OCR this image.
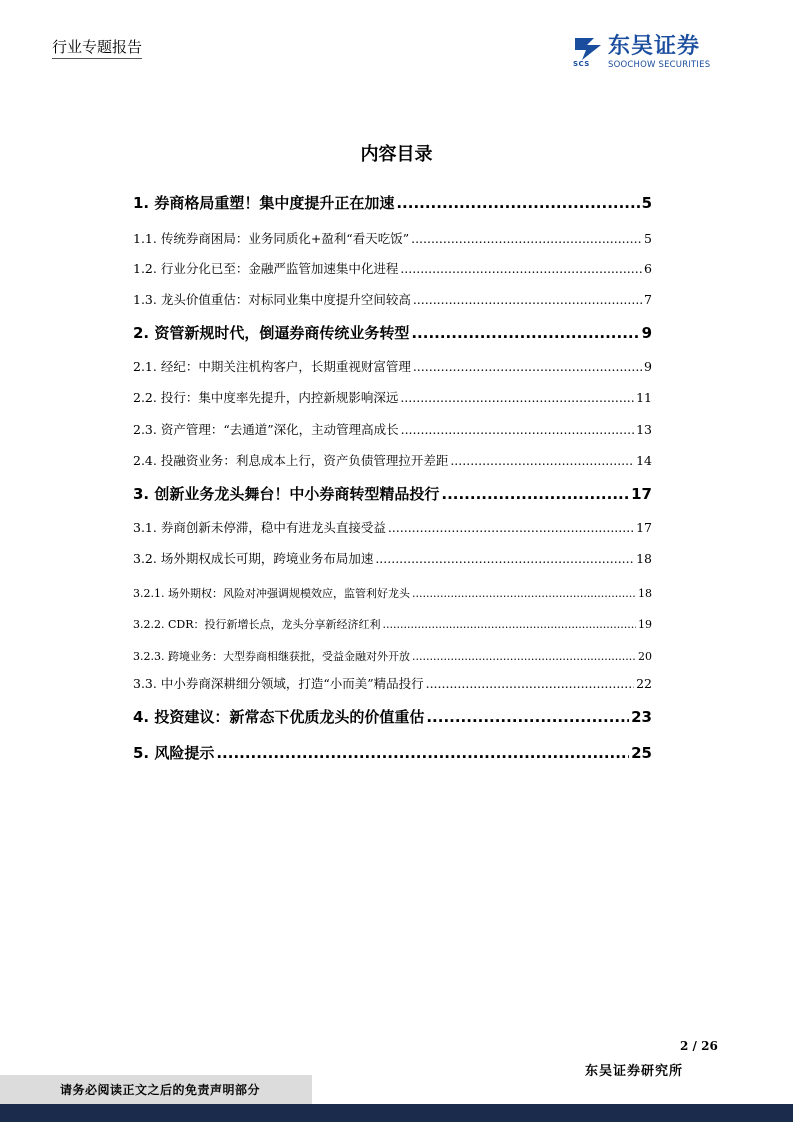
行业专题报告
SCS
东吴证券
SOOCHOW SECURITIES
内容目录
1. 券商格局重塑！集中度提升正在加速 .....	5
1.1. 传统券商困局：业务同质化+盈利“看天吃饭” .....	5
1.2. 行业分化已至：金融严监管加速集中化进程 .....	6
1.3. 龙头价值重估：对标同业集中度提升空间较高 .....	7
2. 资管新规时代，倒逼券商传统业务转型 .....	9
2.1. 经纪：中期关注机构客户，长期重视财富管理 .....	9
2.2. 投行：集中度率先提升，内控新规影响深远 .....	11
2.3. 资产管理：“去通道”深化，主动管理高成长 .....	13
2.4. 投融资业务：利息成本上行，资产负债管理拉开差距 .....	14
3. 创新业务龙头舞台！中小券商转型精品投行 .....	17
3.1. 券商创新未停滞，稳中有进龙头直接受益 .....	17
3.2. 场外期权成长可期，跨境业务布局加速 .....	18
3.2.1. 场外期权：风险对冲强调规模效应，监管利好龙头 .....	18
3.2.2. CDR：投行新增长点，龙头分享新经济红利 .....	19
3.2.3. 跨境业务：大型券商相继获批，受益金融对外开放 .....	20
3.3. 中小券商深耕细分领域，打造“小而美”精品投行 .....	22
4. 投资建议：新常态下优质龙头的价值重估 .....	23
5. 风险提示 .....	25
2 / 26
东吴证券研究所
请务必阅读正文之后的免责声明部分
